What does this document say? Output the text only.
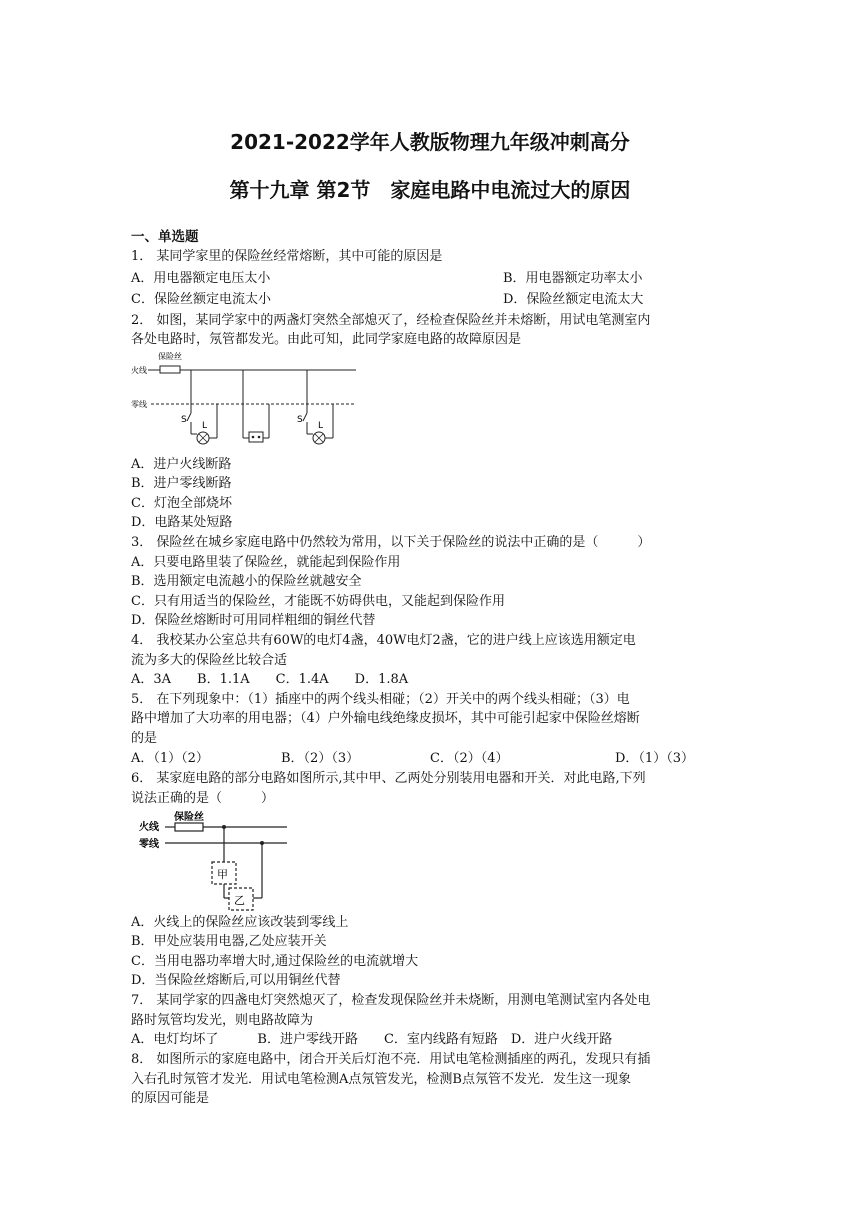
2021-2022学年人教版物理九年级冲刺高分
第十九章 第2节　家庭电路中电流过大的原因
一、单选题
1． 某同学家里的保险丝经常熔断，其中可能的原因是
A．用电器额定电压太小	B．用电器额定功率太小
C．保险丝额定电流太小	D．保险丝额定电流太大
2． 如图，某同学家中的两盏灯突然全部熄灭了，经检查保险丝并未熔断，用试电笔测室内
各处电路时，氖管都发光。由此可知，此同学家庭电路的故障原因是
保险丝
火线
零线
S
L
S
L
A．进户火线断路
B．进户零线断路
C．灯泡全部烧坏
D．电路某处短路
3． 保险丝在城乡家庭电路中仍然较为常用，以下关于保险丝的说法中正确的是（　　　）
A．只要电路里装了保险丝，就能起到保险作用
B．选用额定电流越小的保险丝就越安全
C．只有用适当的保险丝，才能既不妨碍供电，又能起到保险作用
D．保险丝熔断时可用同样粗细的铜丝代替
4． 我校某办公室总共有60W的电灯4盏，40W电灯2盏，它的进户线上应该选用额定电
流为多大的保险丝比较合适
A．3A　　B．1.1A　　C．1.4A　　D．1.8A
5． 在下列现象中：（1）插座中的两个线头相碰；（2）开关中的两个线头相碰；（3）电
路中增加了大功率的用电器；（4）户外输电线绝缘皮损坏，其中可能引起家中保险丝熔断
的是
A．（1）（2）	B．（2）（3）	C．（2）（4）	D．（1）（3）
6． 某家庭电路的部分电路如图所示,其中甲、乙两处分别装用电器和开关．对此电路,下列
说法正确的是（　　　）
火线
保险丝
零线
甲
乙
A．火线上的保险丝应该改装到零线上
B．甲处应装用电器,乙处应装开关
C．当用电器功率增大时,通过保险丝的电流就增大
D．当保险丝熔断后,可以用铜丝代替
7． 某同学家的四盏电灯突然熄灭了，检查发现保险丝并未烧断，用测电笔测试室内各处电
路时氖管均发光，则电路故障为
A．电灯均坏了　　　B．进户零线开路　　C．室内线路有短路　D．进户火线开路
8． 如图所示的家庭电路中，闭合开关后灯泡不亮．用试电笔检测插座的两孔，发现只有插
入右孔时氖管才发光．用试电笔检测A点氖管发光，检测B点氖管不发光．发生这一现象
的原因可能是
